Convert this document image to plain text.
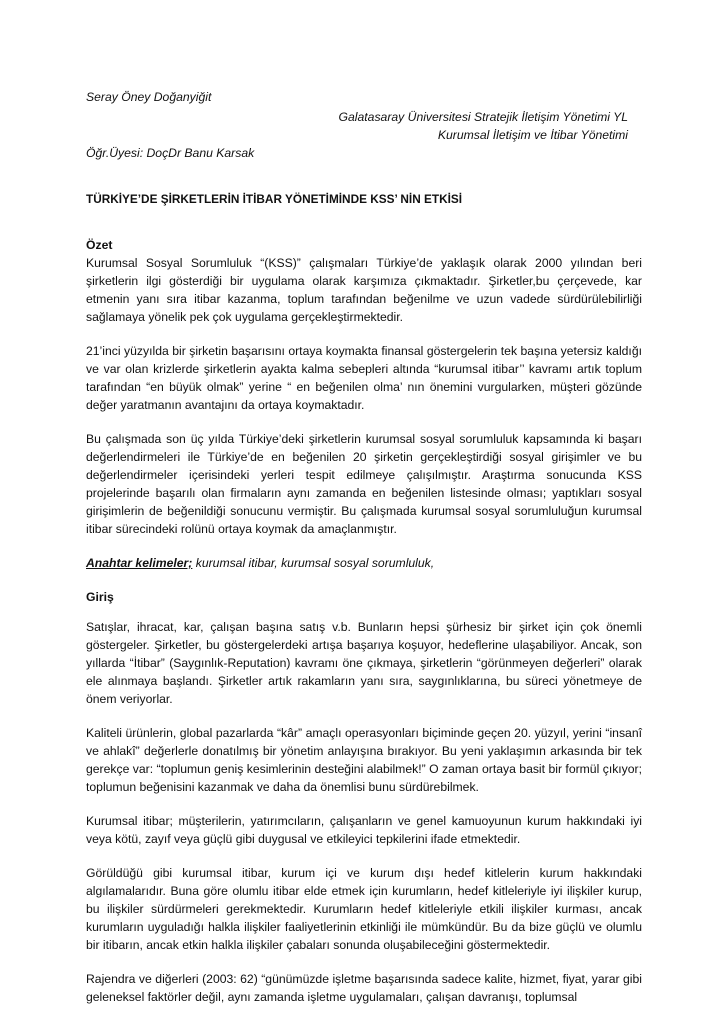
Seray Öney Doğanyiğit

Galatasaray Üniversitesi Stratejik İletişim Yönetimi YL

Kurumsal İletişim ve İtibar Yönetimi

Öğr.Üyesi: DoçDr Banu Karsak

TÜRKİYE’DE ŞİRKETLERİN İTİBAR YÖNETİMİNDE KSS’ NİN ETKİSİ

Özet

Kurumsal Sosyal Sorumluluk “(KSS)” çalışmaları Türkiye’de yaklaşık olarak 2000 yılından beri şirketlerin ilgi gösterdiği bir uygulama olarak karşımıza çıkmaktadır. Şirketler,bu çerçevede, kar etmenin yanı sıra itibar kazanma, toplum tarafından beğenilme ve uzun vadede sürdürülebilirliği sağlamaya yönelik pek çok uygulama gerçekleştirmektedir.

21’inci yüzyılda bir şirketin başarısını ortaya koymakta finansal göstergelerin tek başına yetersiz kaldığı ve var olan krizlerde şirketlerin ayakta kalma sebepleri altında “kurumsal itibar’’ kavramı artık toplum tarafından “en büyük olmak” yerine “ en beğenilen olma’ nın önemini vurgularken, müşteri gözünde değer yaratmanın avantajını da ortaya koymaktadır.

Bu çalışmada son üç yılda Türkiye’deki şirketlerin kurumsal sosyal sorumluluk kapsamında ki başarı değerlendirmeleri ile Türkiye’de en beğenilen 20 şirketin gerçekleştirdiği sosyal girişimler ve bu değerlendirmeler içerisindeki yerleri tespit edilmeye çalışılmıştır. Araştırma sonucunda KSS projelerinde başarılı olan firmaların aynı zamanda en beğenilen listesinde olması; yaptıkları sosyal girişimlerin de beğenildiği sonucunu vermiştir. Bu çalışmada kurumsal sosyal sorumluluğun kurumsal itibar sürecindeki rolünü ortaya koymak da amaçlanmıştır.

Anahtar kelimeler; kurumsal itibar, kurumsal sosyal sorumluluk,

Giriş

Satışlar, ihracat, kar, çalışan başına satış v.b. Bunların hepsi şürhesiz bir şirket için çok önemli göstergeler. Şirketler, bu göstergelerdeki artışa başarıya koşuyor, hedeflerine ulaşabiliyor. Ancak, son yıllarda “İtibar” (Saygınlık-Reputation) kavramı öne çıkmaya, şirketlerin “görünmeyen değerleri” olarak ele alınmaya başlandı. Şirketler artık rakamların yanı sıra, saygınlıklarına, bu süreci yönetmeye de önem veriyorlar.

Kaliteli ürünlerin, global pazarlarda “kâr” amaçlı operasyonları biçiminde geçen 20. yüzyıl, yerini “insanî ve ahlakî” değerlerle donatılmış bir yönetim anlayışına bırakıyor. Bu yeni yaklaşımın arkasında bir tek gerekçe var: “toplumun geniş kesimlerinin desteğini alabilmek!” O zaman ortaya basit bir formül çıkıyor; toplumun beğenisini kazanmak ve daha da önemlisi bunu sürdürebilmek.

Kurumsal itibar; müşterilerin, yatırımcıların, çalışanların ve genel kamuoyunun kurum hakkındaki iyi veya kötü, zayıf veya güçlü gibi duygusal ve etkileyici tepkilerini ifade etmektedir.

Görüldüğü gibi kurumsal itibar, kurum içi ve kurum dışı hedef kitlelerin kurum hakkındaki algılamalarıdır. Buna göre olumlu itibar elde etmek için kurumların, hedef kitleleriyle iyi ilişkiler kurup, bu ilişkiler sürdürmeleri gerekmektedir. Kurumların hedef kitleleriyle etkili ilişkiler kurması, ancak kurumların uyguladığı halkla ilişkiler faaliyetlerinin etkinliği ile mümkündür. Bu da bize güçlü ve olumlu bir itibarın, ancak etkin halkla ilişkiler çabaları sonunda oluşabileceğini göstermektedir.

Rajendra ve diğerleri (2003: 62) “günümüzde işletme başarısında sadece kalite, hizmet, fiyat, yarar gibi geleneksel faktörler değil, aynı zamanda işletme uygulamaları, çalışan davranışı, toplumsal
